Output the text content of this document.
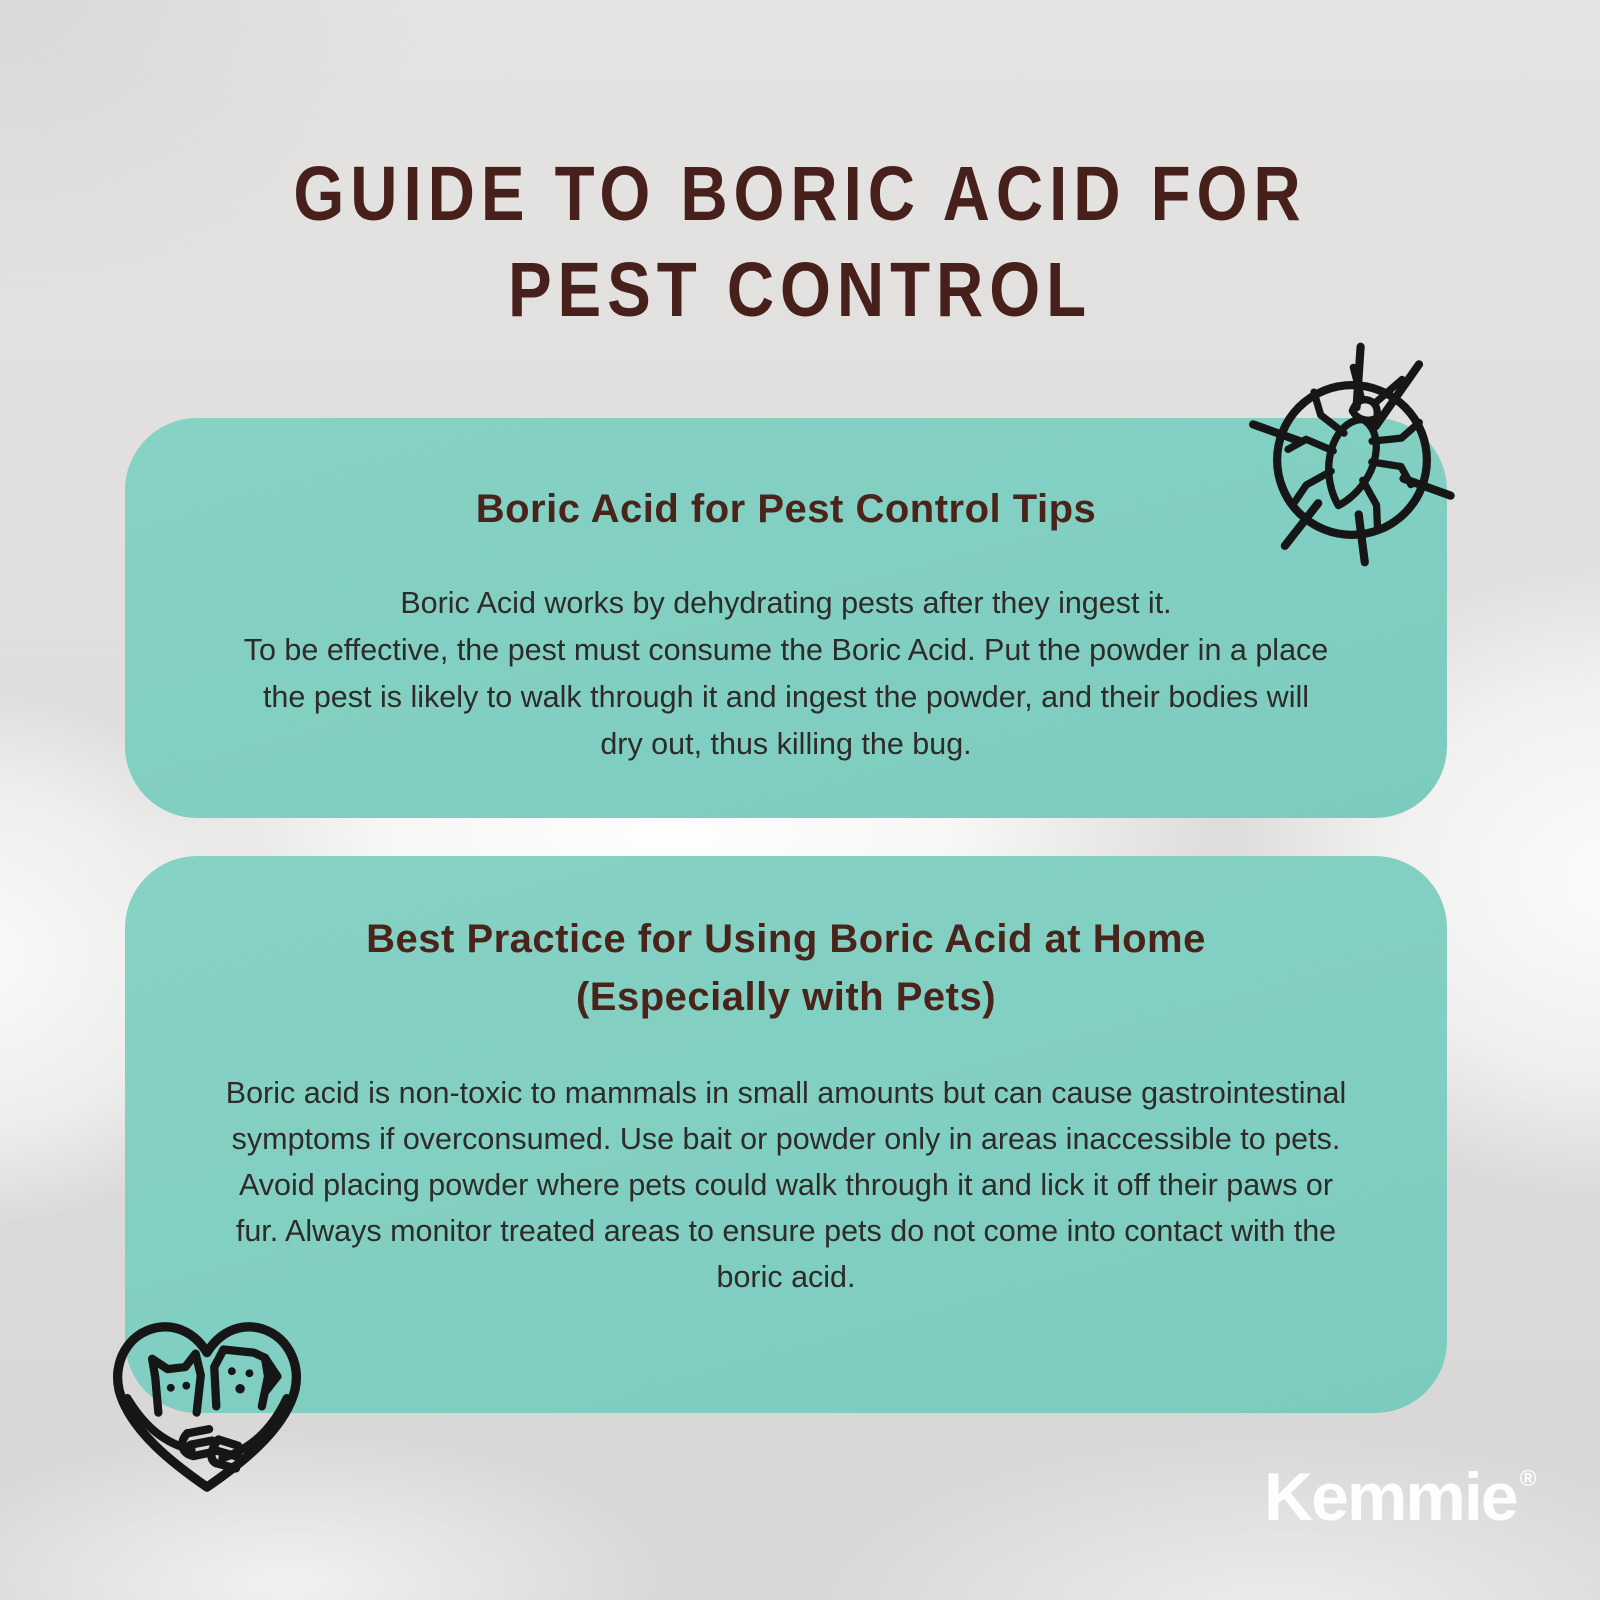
GUIDE TO BORIC ACID FOR
PEST CONTROL
Boric Acid for Pest Control Tips
Boric Acid works by dehydrating pests after they ingest it.
To be effective, the pest must consume the Boric Acid. Put the powder in a place
the pest is likely to walk through it and ingest the powder, and their bodies will
dry out, thus killing the bug.
Best Practice for Using Boric Acid at Home
(Especially with Pets)
Boric acid is non-toxic to mammals in small amounts but can cause gastrointestinal
symptoms if overconsumed. Use bait or powder only in areas inaccessible to pets.
Avoid placing powder where pets could walk through it and lick it off their paws or
fur. Always monitor treated areas to ensure pets do not come into contact with the
boric acid.
Kemmie ®
